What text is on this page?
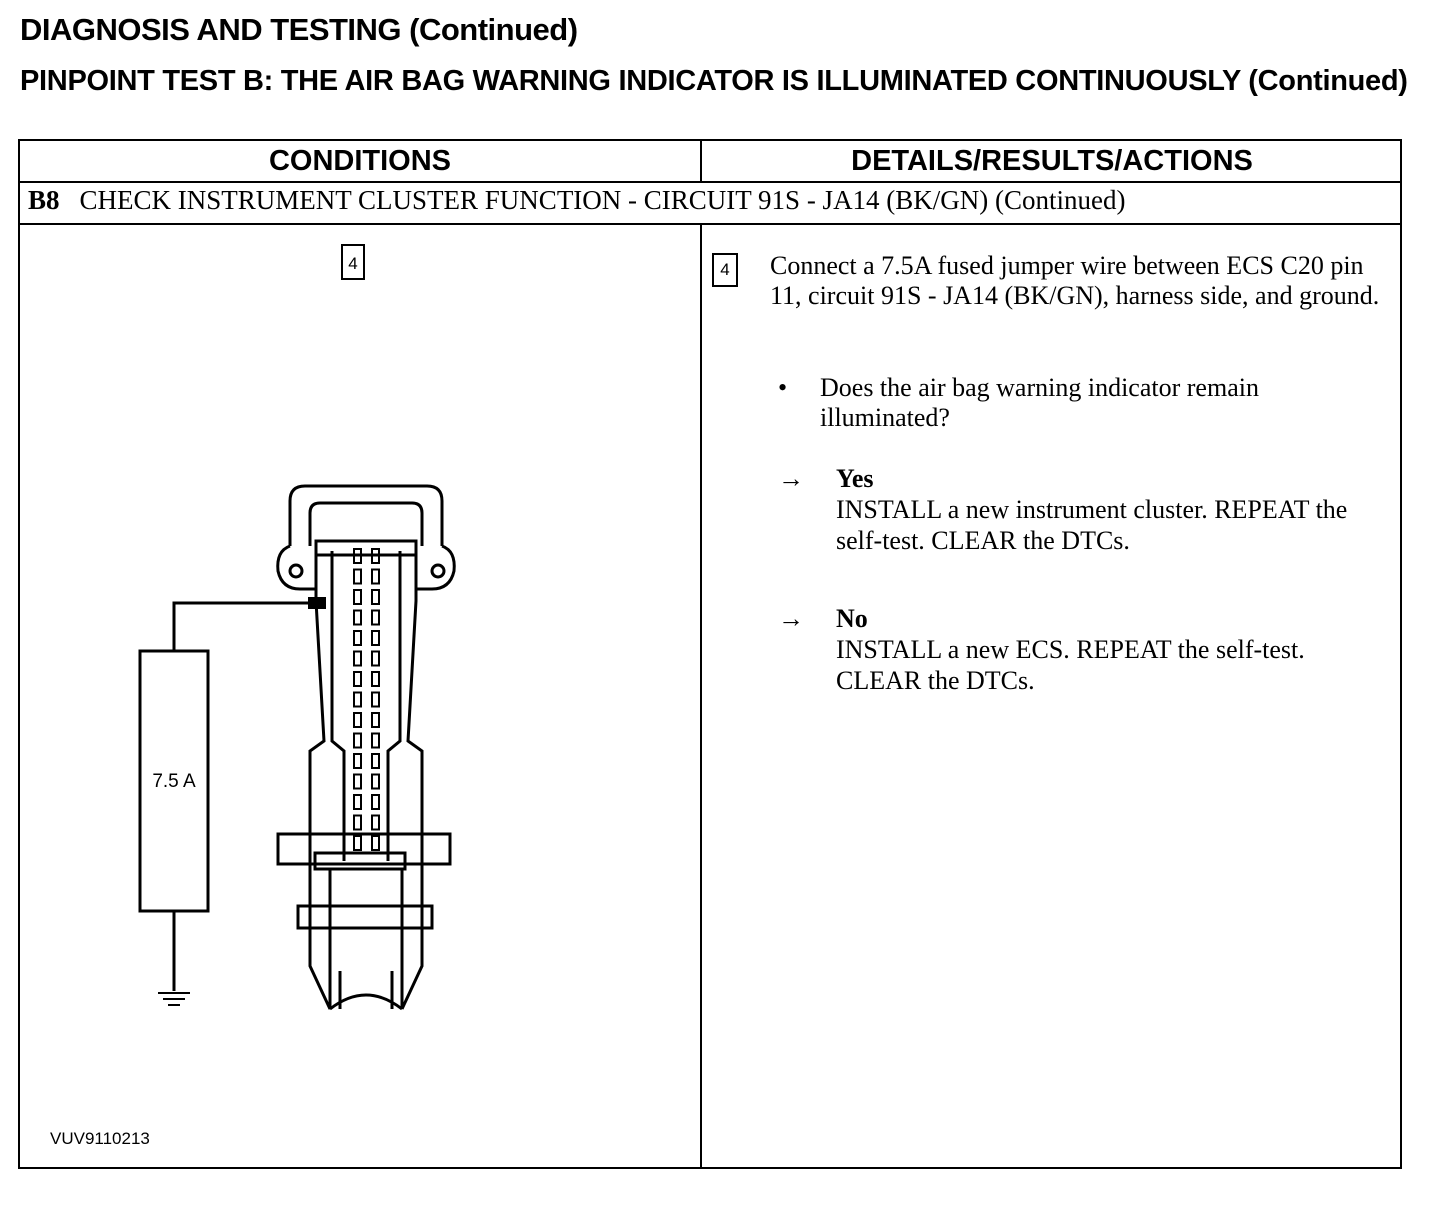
DIAGNOSIS AND TESTING (Continued)
PINPOINT TEST B: THE AIR BAG WARNING INDICATOR IS ILLUMINATED CONTINUOUSLY (Continued)
CONDITIONS	DETAILS/RESULTS/ACTIONS
B8 CHECK INSTRUMENT CLUSTER FUNCTION - CIRCUIT 91S - JA14 (BK/GN) (Continued)
4
7.5 A
VUV9110213
4	Connect a 7.5A fused jumper wire between ECS C20 pin 11, circuit 91S - JA14 (BK/GN), harness side, and ground.

• Does the air bag warning indicator remain illuminated?
→ Yes
INSTALL a new instrument cluster. REPEAT the self-test. CLEAR the DTCs.
→ No
INSTALL a new ECS. REPEAT the self-test. CLEAR the DTCs.
